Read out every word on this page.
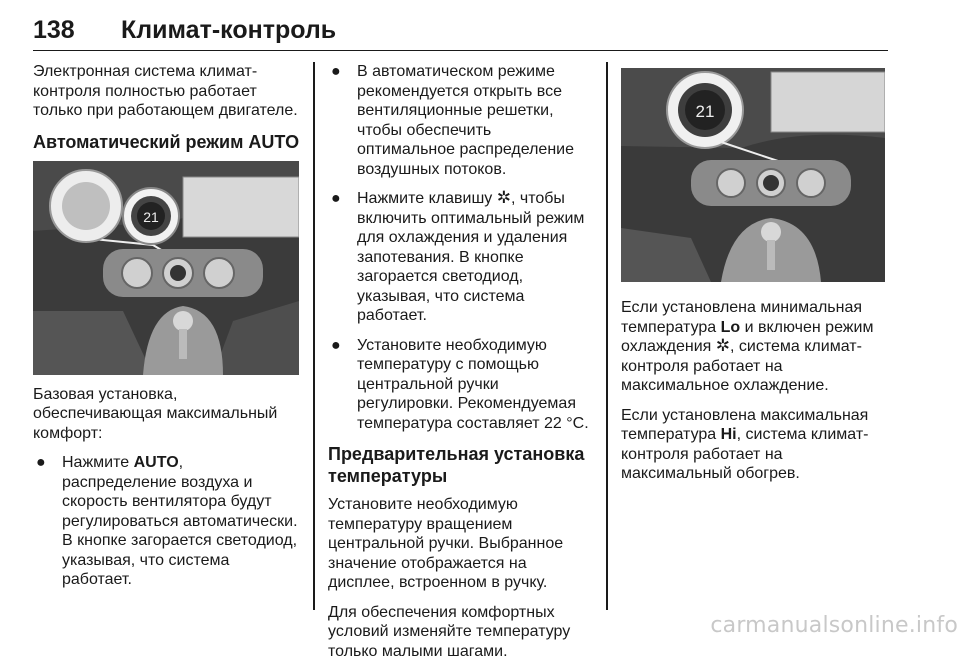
138 Климат-контроль

Электронная система климат-контроля полностью работает только при работающем двигателе.

Автоматический режим AUTO
21

Базовая установка, обеспечивающая максимальный комфорт:

● Нажмите AUTO, распределение воздуха и скорость вентилятора будут регулироваться автоматически. В кнопке загорается светодиод, указывая, что система работает.
● В автоматическом режиме рекомендуется открыть все вентиляционные решетки, чтобы обеспечить оптимальное распределение воздушных потоков.
● Нажмите клавишу ✲, чтобы включить оптимальный режим для охлаждения и удаления запотевания. В кнопке загорается светодиод, указывая, что система работает.
● Установите необходимую температуру с помощью центральной ручки регулировки. Рекомендуемая температура составляет 22 °C.
Предварительная установка температуры

Установите необходимую температуру вращением центральной ручки. Выбранное значение отображается на дисплее, встроенном в ручку.

Для обеспечения комфортных условий изменяйте температуру только малыми шагами.

21

Если установлена минимальная температура Lo и включен режим охлаждения ✲, система климат-контроля работает на максимальное охлаждение.

Если установлена максимальная температура Hi, система климат-контроля работает на максимальный обогрев.

carmanualsonline.info
